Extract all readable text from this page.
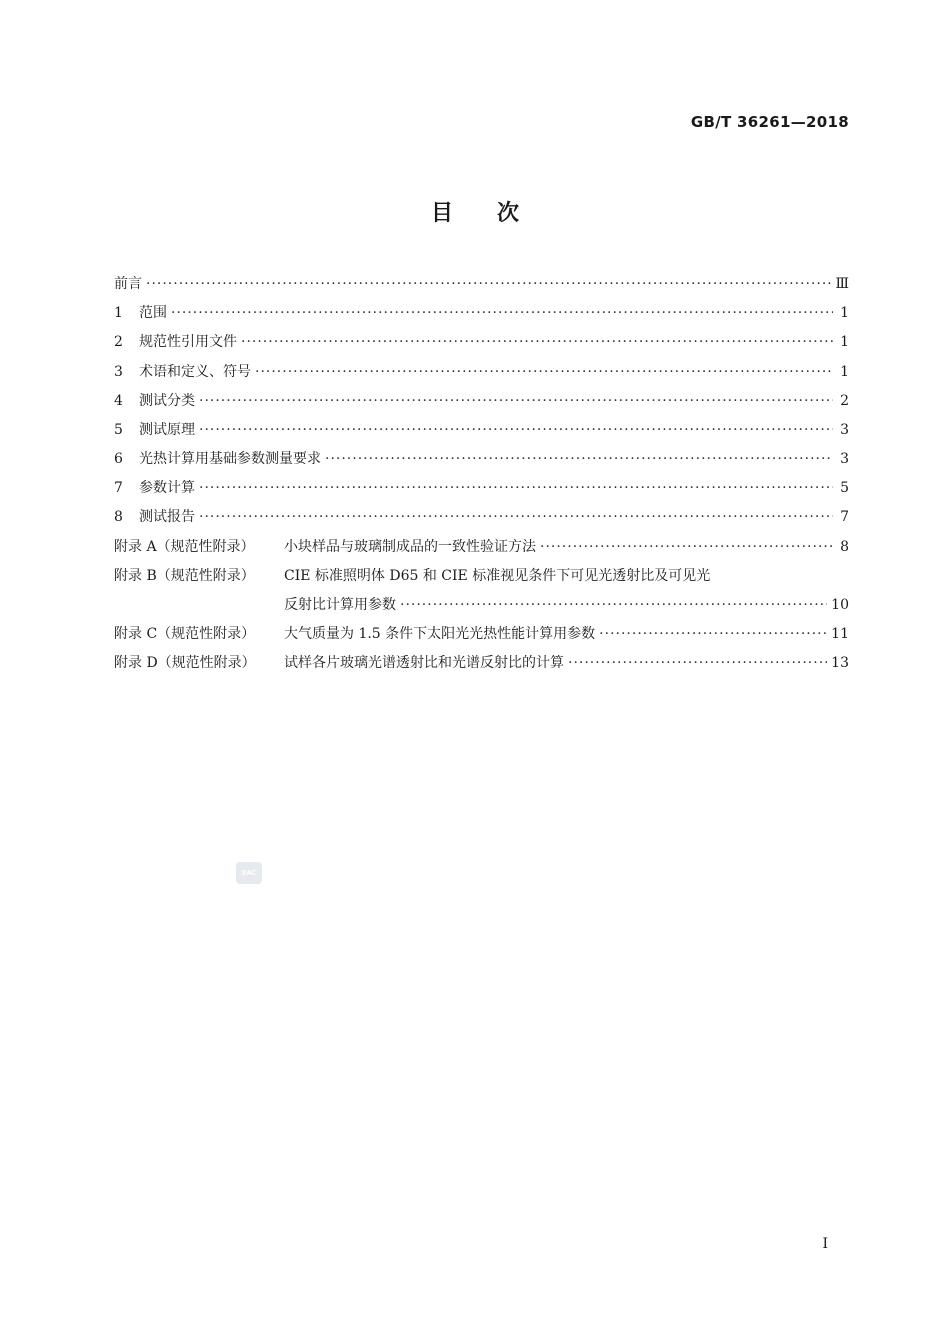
GB/T 36261—2018
目次
前言 ·····	Ⅲ
1	范围 ·····	1
2	规范性引用文件 ·····	1
3	术语和定义、符号 ·····	1
4	测试分类 ·····	2
5	测试原理 ·····	3
6	光热计算用基础参数测量要求 ·····	3
7	参数计算 ·····	5
8	测试报告 ·····	7
附录 A（规范性附录）	小块样品与玻璃制成品的一致性验证方法 ·····	8
附录 B（规范性附录）	CIE 标准照明体 D65 和 CIE 标准视见条件下可见光透射比及可见光
反射比计算用参数 ·····	10
附录 C（规范性附录）	大气质量为 1.5 条件下太阳光光热性能计算用参数 ·····	11
附录 D（规范性附录）	试样各片玻璃光谱透射比和光谱反射比的计算 ·····	13
SAC
I
